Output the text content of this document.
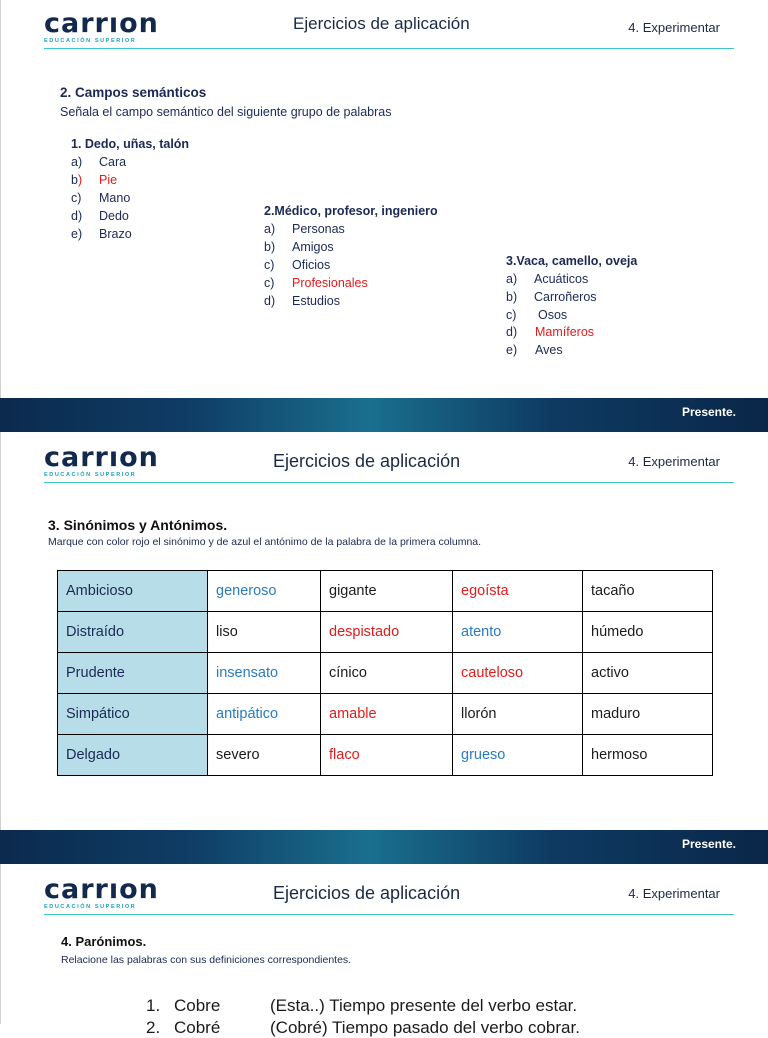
carrıon
EDUCACIÓN SUPERIOR
Ejercicios de aplicación	4. Experimentar
2. Campos semánticos
Señala el campo semántico del siguiente grupo de palabras
1. Dedo, uñas, talón
a) Cara
b) Pie
c) Mano
d) Dedo
e) Brazo
2.Médico, profesor, ingeniero
a) Personas
b) Amigos
c) Oficios
c) Profesionales
d) Estudios
3.Vaca, camello, oveja
a) Acuáticos
b) Carroñeros
c) Osos
d) Mamíferos
e) Aves
Presente.
carrıon
EDUCACIÓN SUPERIOR
Ejercicios de aplicación	4. Experimentar
3. Sinónimos y Antónimos.
Marque con color rojo el sinónimo y de azul el antónimo de la palabra de la primera columna.
Ambicioso	generoso	gigante	egoísta	tacaño
Distraído	liso	despistado	atento	húmedo
Prudente	insensato	cínico	cauteloso	activo
Simpático	antipático	amable	llorón	maduro
Delgado	severo	flaco	grueso	hermoso
Presente.
carrıon
EDUCACIÓN SUPERIOR
Ejercicios de aplicación	4. Experimentar
4. Parónimos.
Relacione las palabras con sus definiciones correspondientes.
1. Cobre	(Esta..) Tiempo presente del verbo estar.
2. Cobré	(Cobré) Tiempo pasado del verbo cobrar.
